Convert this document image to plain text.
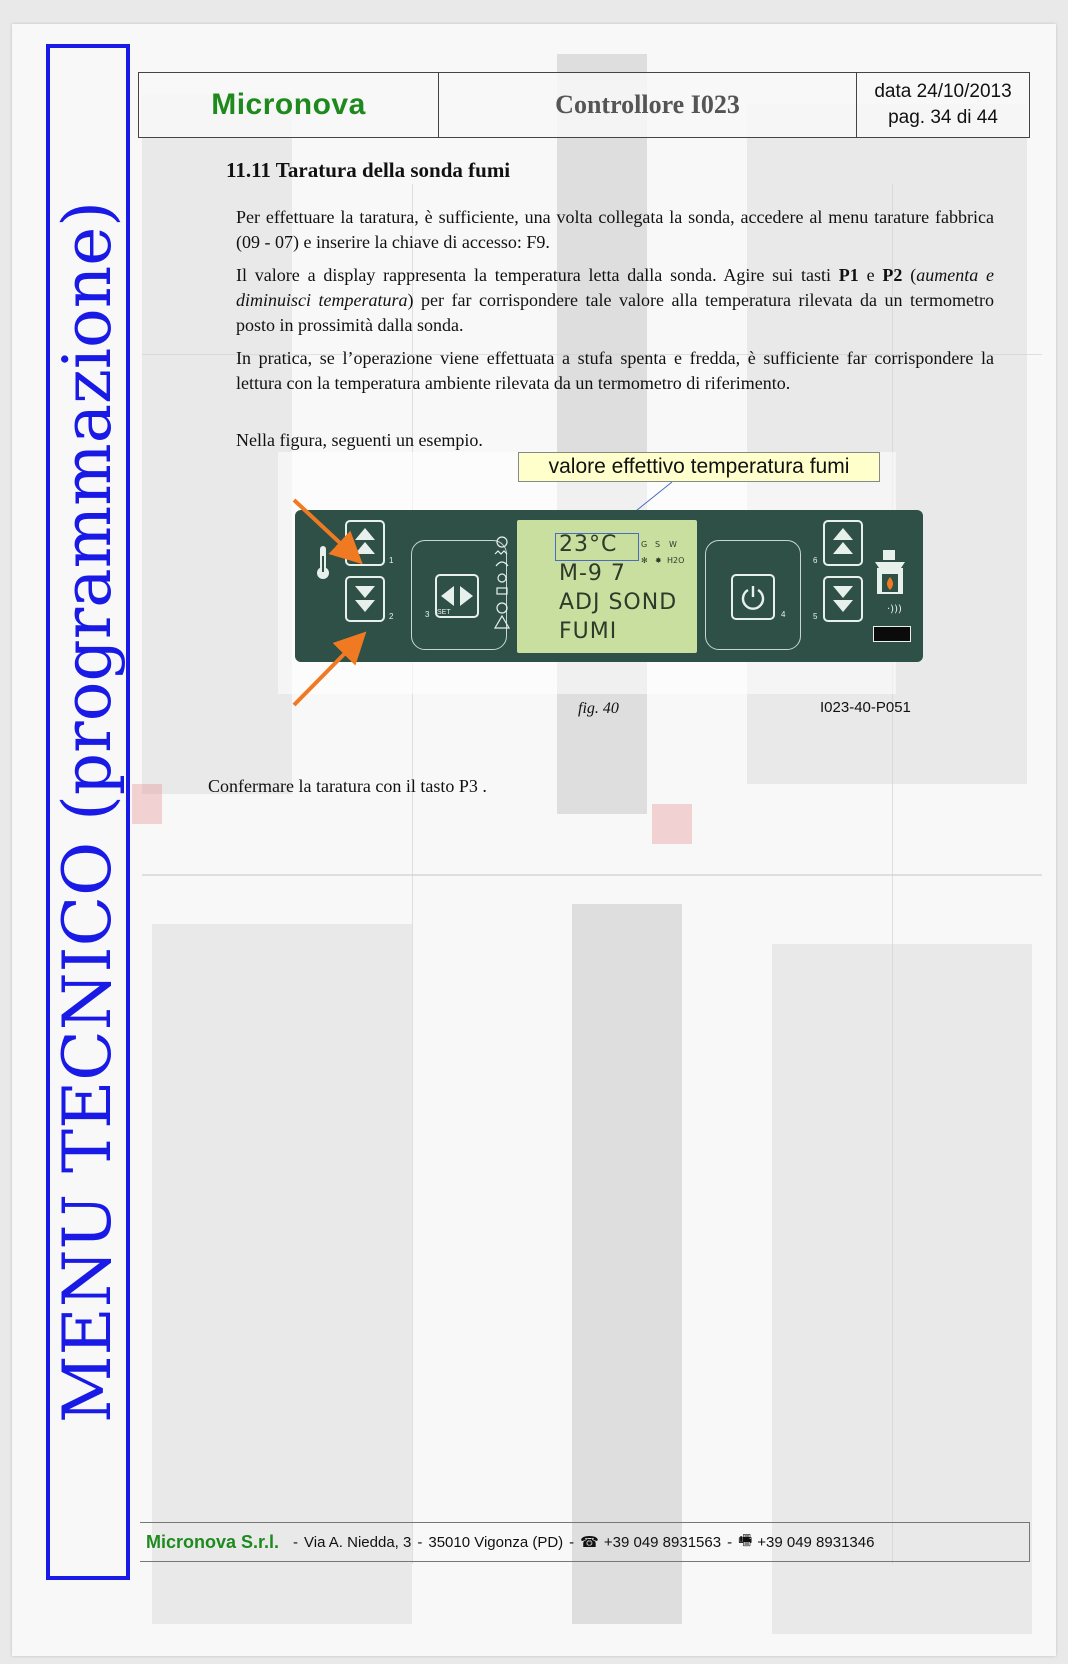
MENU TECNICO (programmazione)
Micronova	Controllore I023	data 24/10/2013
pag. 34 di 44
11.11 Taratura della sonda fumi
Per effettuare la taratura, è sufficiente, una volta collegata la sonda, accedere al menu tarature fabbrica (09 - 07) e inserire la chiave di accesso: F9.
Il valore a display rappresenta la temperatura letta dalla sonda. Agire sui tasti P1 e P2 (aumenta e diminuisci temperatura) per far corrispondere tale valore alla temperatura rilevata da un termometro posto in prossimità dalla sonda.
In pratica, se l’operazione viene effettuata a stufa spenta e fredda, è sufficiente far corrispondere la lettura con la temperatura ambiente rilevata da un termometro di riferimento.
Nella figura, seguenti un esempio.
valore effettivo temperatura fumi
1
2	3 SET
23°C
M-9 7
ADJ SOND
FUMI
G S W
✻ ✸ H2O
4
6
5
·)))
fig. 40	I023-40-P051
Confermare la taratura con il tasto P3 .
Micronova S.r.l. - Via A. Niedda, 3 - 35010 Vigonza (PD) - ☎ +39 049 8931563 - 🖷 +39 049 8931346
